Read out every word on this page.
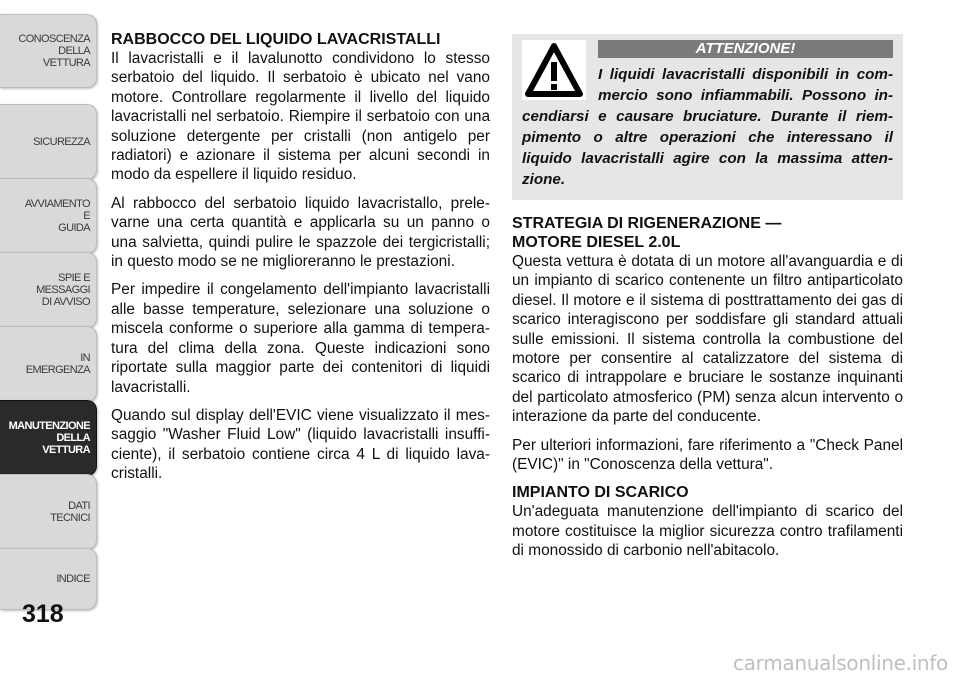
CONOSCENZA
DELLA
VETTURA
SICUREZZA
AVVIAMENTO
E
GUIDA
SPIE E
MESSAGGI
DI AVVISO
IN
EMERGENZA
MANUTENZIONE
DELLA
VETTURA
DATI
TECNICI
INDICE
318
RABBOCCO DEL LIQUIDO LAVACRISTALLI

Il lavacristalli e il lavalunotto condividono lo stesso serbatoio del liquido. Il serbatoio è ubicato nel vano motore. Controllare regolarmente il livello del liquido lavacristalli nel serbatoio. Riempire il serbatoio con una soluzione detergente per cristalli (non antigelo per radiatori) e azionare il sistema per alcuni secondi in modo da espellere il liquido residuo.

Al rabbocco del serbatoio liquido lavacristallo, prelevarne una certa quantità e applicarla su un panno o una salvietta, quindi pulire le spazzole dei tergicristalli; in questo modo se ne miglioreranno le prestazioni.

Per impedire il congelamento dell'impianto lavacristalli alle basse temperature, selezionare una soluzione o miscela conforme o superiore alla gamma di temperatura del clima della zona. Queste indicazioni sono riportate sulla maggior parte dei contenitori di liquidi lavacristalli.

Quando sul display dell'EVIC viene visualizzato il messaggio "Washer Fluid Low" (liquido lavacristalli insufficiente), il serbatoio contiene circa 4 L di liquido lavacristalli.

ATTENZIONE!
I liquidi lavacristalli disponibili in commercio sono infiammabili. Possono incendiarsi e causare bruciature. Durante il riempimento o altre operazioni che interessano il liquido lavacristalli agire con la massima attenzione.
STRATEGIA DI RIGENERAZIONE — MOTORE DIESEL 2.0L

Questa vettura è dotata di un motore all'avanguardia e di un impianto di scarico contenente un filtro antiparticolato diesel. Il motore e il sistema di posttrattamento dei gas di scarico interagiscono per soddisfare gli standard attuali sulle emissioni. Il sistema controlla la combustione del motore per consentire al catalizzatore del sistema di scarico di intrappolare e bruciare le sostanze inquinanti del particolato atmosferico (PM) senza alcun intervento o interazione da parte del conducente.

Per ulteriori informazioni, fare riferimento a "Check Panel (EVIC)" in "Conoscenza della vettura".

IMPIANTO DI SCARICO

Un'adeguata manutenzione dell'impianto di scarico del motore costituisce la miglior sicurezza contro trafilamenti di monossido di carbonio nell'abitacolo.

carmanualsonline.info
